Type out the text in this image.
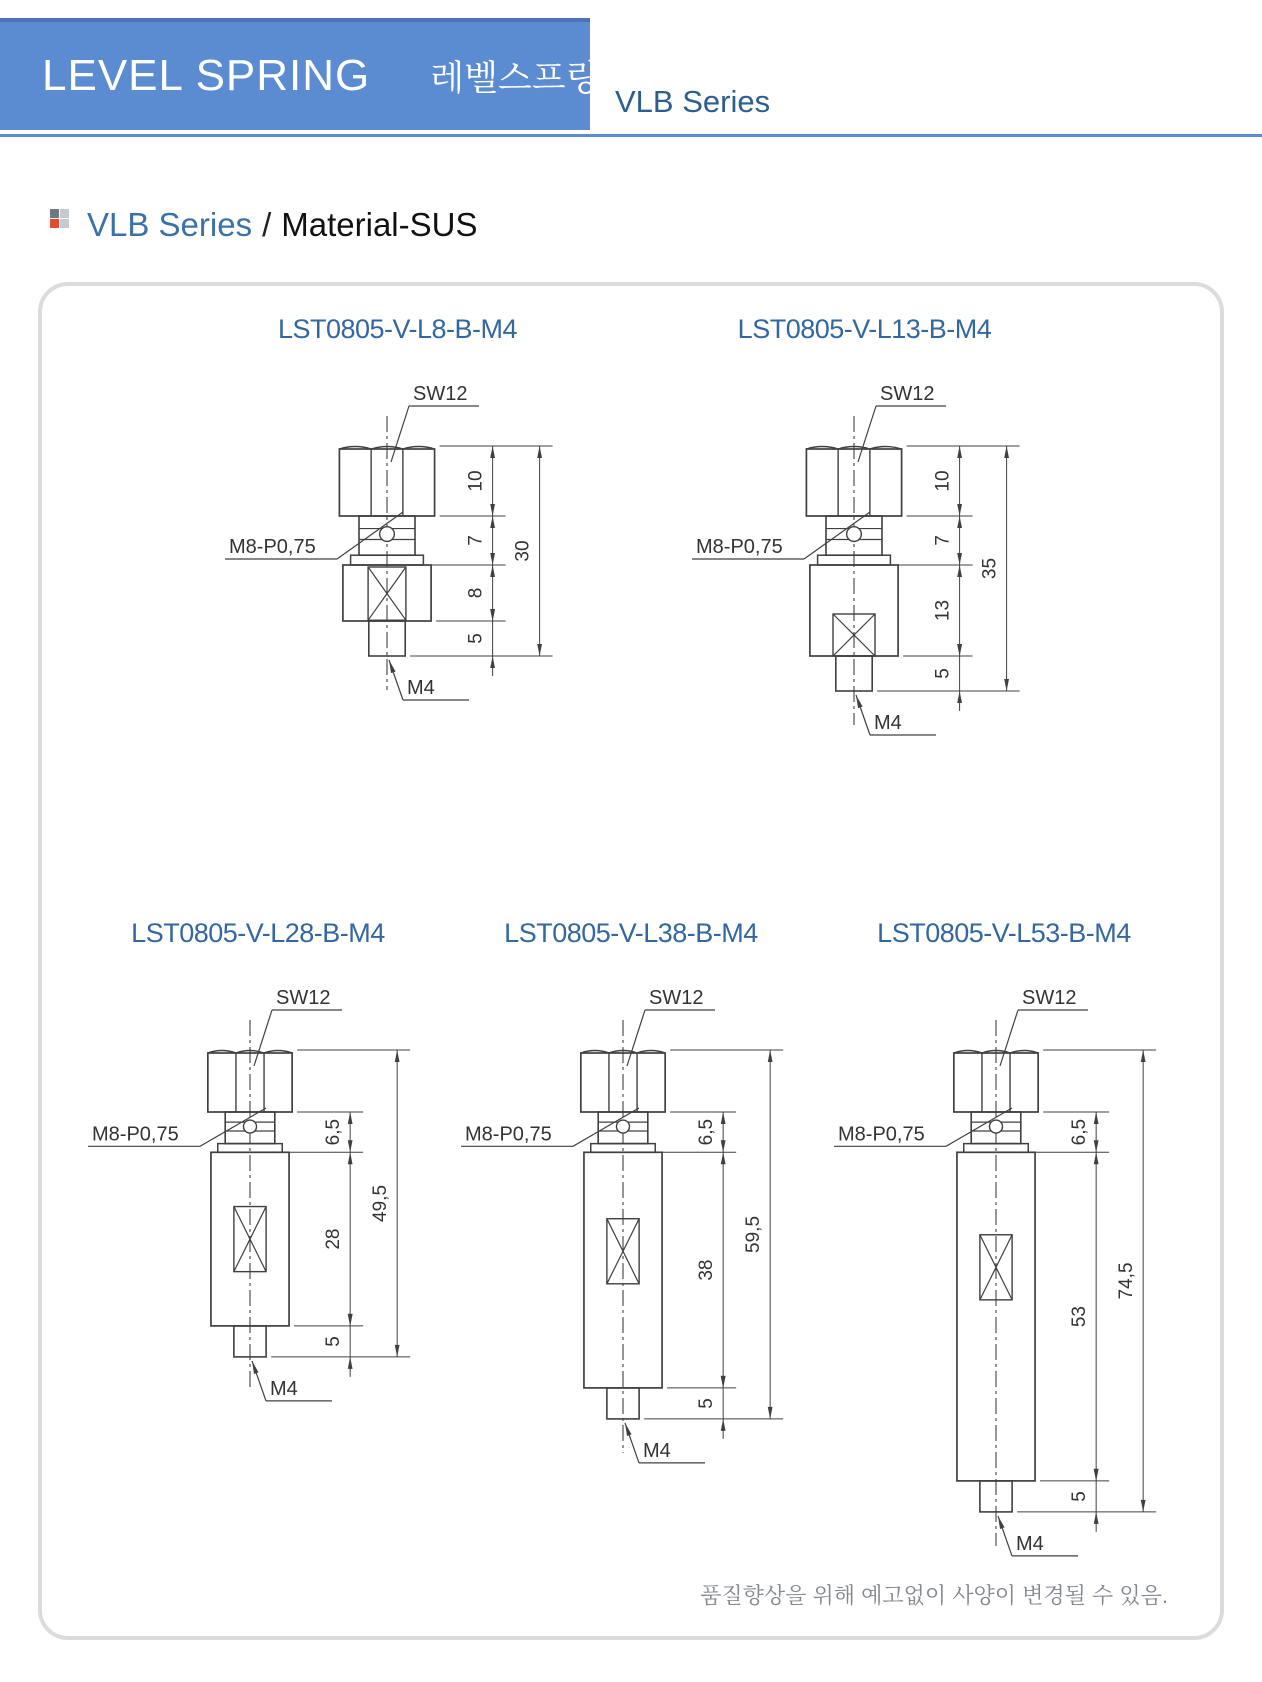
LEVEL SPRING 레벨스프링
VLB Series
VLB Series / Material-SUS
LST0805-V-L8-B-M4
SW12
M8-P0,75
M4
10
7
8
5
30
LST0805-V-L13-B-M4
SW12
M8-P0,75
M4
10
7
13
5
35
LST0805-V-L28-B-M4
SW12
M8-P0,75
M4
6,5
28
5
49,5
LST0805-V-L38-B-M4
SW12
M8-P0,75
M4
6,5
38
5
59,5
LST0805-V-L53-B-M4
SW12
M8-P0,75
M4
6,5
53
5
74,5
품질향상을 위해 예고없이 사양이 변경될 수 있음.
